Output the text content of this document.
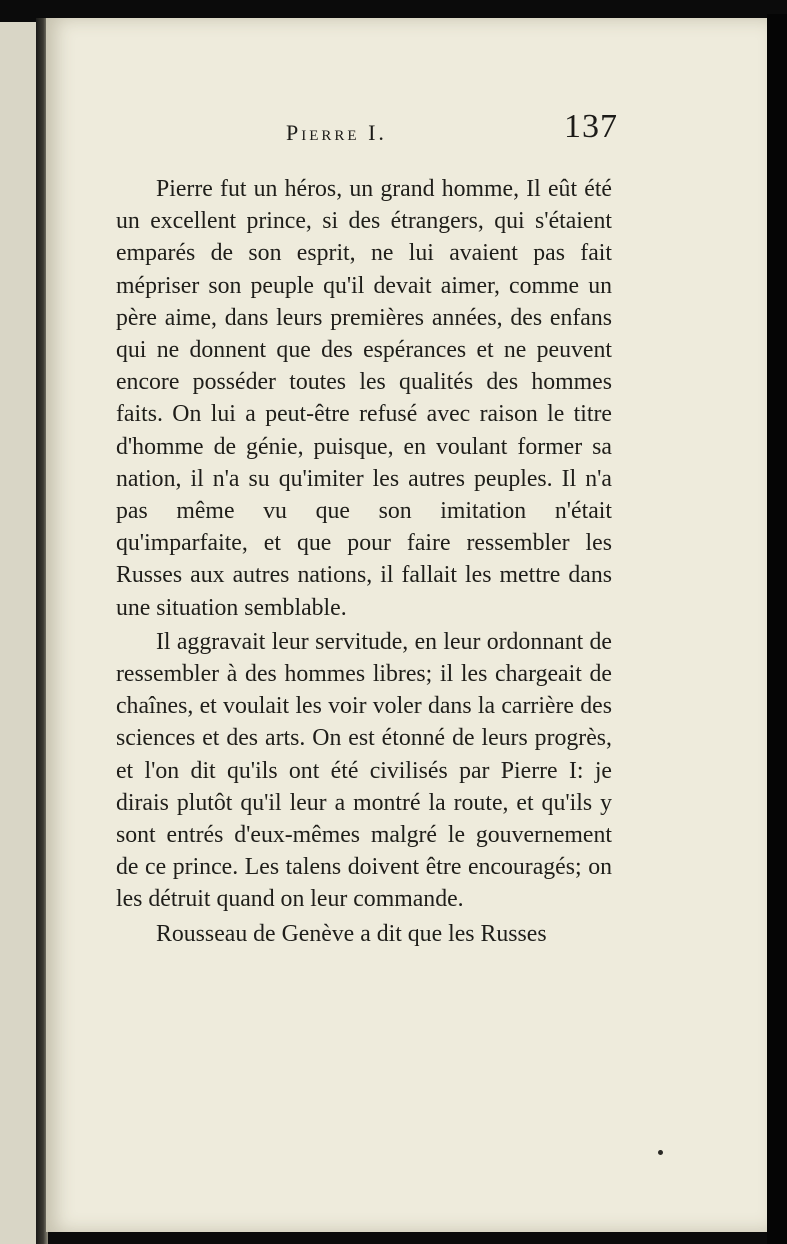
Pierre I.	137

Pierre fut un héros, un grand homme, Il eût été un excellent prince, si des étrangers, qui s'étaient emparés de son esprit, ne lui avaient pas fait mépriser son peuple qu'il devait aimer, comme un père aime, dans leurs premières années, des enfans qui ne donnent que des espérances et ne peuvent encore posséder toutes les qualités des hommes faits. On lui a peut-être refusé avec raison le titre d'homme de génie, puisque, en voulant former sa nation, il n'a su qu'imiter les autres peuples. Il n'a pas même vu que son imitation n'était qu'imparfaite, et que pour faire ressembler les Russes aux autres nations, il fallait les mettre dans une situation semblable.

Il aggravait leur servitude, en leur ordonnant de ressembler à des hommes libres; il les chargeait de chaînes, et voulait les voir voler dans la carrière des sciences et des arts. On est étonné de leurs progrès, et l'on dit qu'ils ont été civilisés par Pierre I: je dirais plutôt qu'il leur a montré la route, et qu'ils y sont entrés d'eux-mêmes malgré le gouvernement de ce prince. Les talens doivent être encouragés; on les détruit quand on leur commande.

Rousseau de Genève a dit que les Russes
